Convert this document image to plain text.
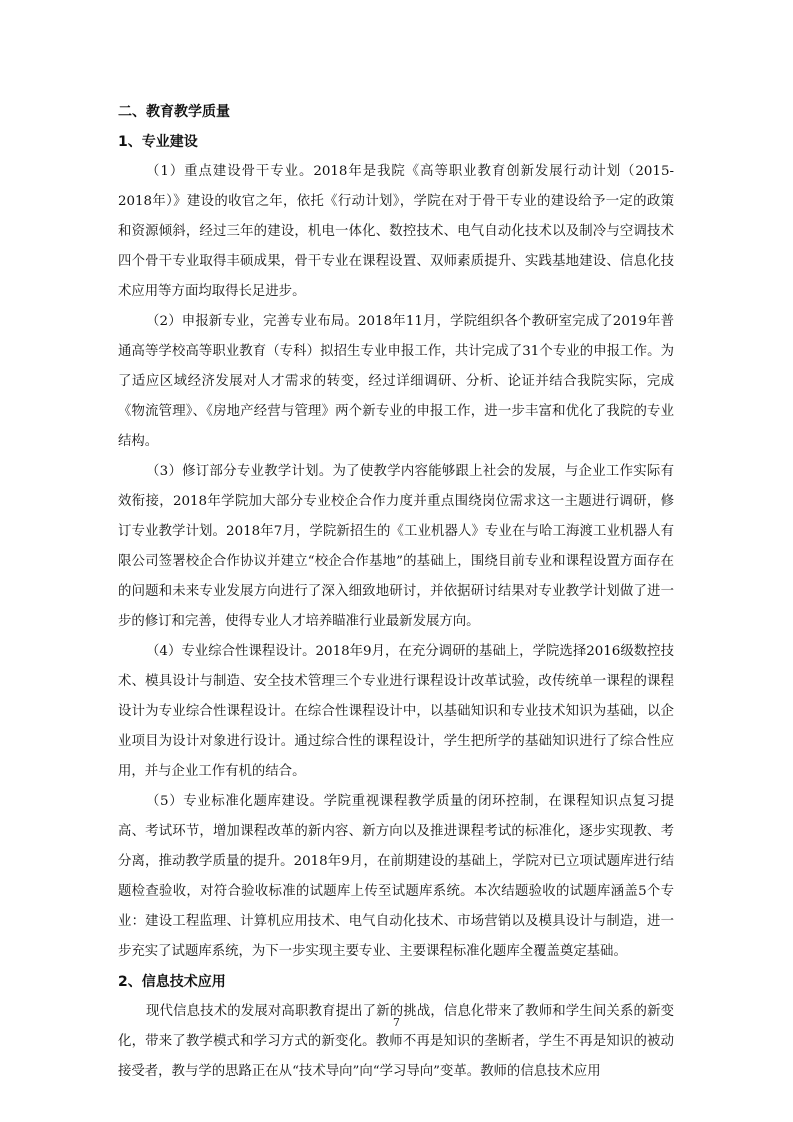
二、教育教学质量
1、专业建设

（1）重点建设骨干专业。2018年是我院《高等职业教育创新发展行动计划（2015-2018年）》建设的收官之年，依托《行动计划》，学院在对于骨干专业的建设给予一定的政策和资源倾斜，经过三年的建设，机电一体化、数控技术、电气自动化技术以及制冷与空调技术四个骨干专业取得丰硕成果，骨干专业在课程设置、双师素质提升、实践基地建设、信息化技术应用等方面均取得长足进步。

（2）申报新专业，完善专业布局。2018年11月，学院组织各个教研室完成了2019年普通高等学校高等职业教育（专科）拟招生专业申报工作，共计完成了31个专业的申报工作。为了适应区域经济发展对人才需求的转变，经过详细调研、分析、论证并结合我院实际，完成《物流管理》、《房地产经营与管理》两个新专业的申报工作，进一步丰富和优化了我院的专业结构。

（3）修订部分专业教学计划。为了使教学内容能够跟上社会的发展，与企业工作实际有效衔接，2018年学院加大部分专业校企合作力度并重点围绕岗位需求这一主题进行调研，修订专业教学计划。2018年7月，学院新招生的《工业机器人》专业在与哈工海渡工业机器人有限公司签署校企合作协议并建立“校企合作基地”的基础上，围绕目前专业和课程设置方面存在的问题和未来专业发展方向进行了深入细致地研讨，并依据研讨结果对专业教学计划做了进一步的修订和完善，使得专业人才培养瞄准行业最新发展方向。

（4）专业综合性课程设计。2018年9月，在充分调研的基础上，学院选择2016级数控技术、模具设计与制造、安全技术管理三个专业进行课程设计改革试验，改传统单一课程的课程设计为专业综合性课程设计。在综合性课程设计中，以基础知识和专业技术知识为基础，以企业项目为设计对象进行设计。通过综合性的课程设计，学生把所学的基础知识进行了综合性应用，并与企业工作有机的结合。

（5）专业标准化题库建设。学院重视课程教学质量的闭环控制，在课程知识点复习提高、考试环节，增加课程改革的新内容、新方向以及推进课程考试的标准化，逐步实现教、考分离，推动教学质量的提升。2018年9月，在前期建设的基础上，学院对已立项试题库进行结题检查验收，对符合验收标准的试题库上传至试题库系统。本次结题验收的试题库涵盖5个专业：建设工程监理、计算机应用技术、电气自动化技术、市场营销以及模具设计与制造，进一步充实了试题库系统，为下一步实现主要专业、主要课程标准化题库全覆盖奠定基础。

2、信息技术应用

现代信息技术的发展对高职教育提出了新的挑战，信息化带来了教师和学生间关系的新变化，带来了教学模式和学习方式的新变化。教师不再是知识的垄断者，学生不再是知识的被动接受者，教与学的思路正在从“技术导向”向“学习导向”变革。教师的信息技术应用

7
